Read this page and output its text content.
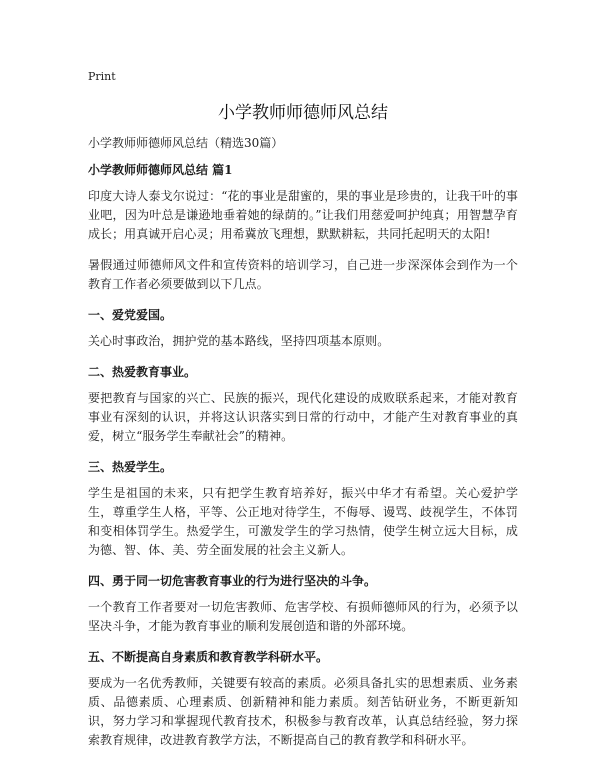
Print
小学教师师德师风总结
小学教师师德师风总结（精选30篇）
小学教师师德师风总结 篇1

印度大诗人泰戈尔说过：“花的事业是甜蜜的，果的事业是珍贵的，让我干叶的事业吧，因为叶总是谦逊地垂着她的绿荫的。”让我们用慈爱呵护纯真；用智慧孕育成长；用真诚开启心灵；用希冀放飞理想，默默耕耘，共同托起明天的太阳!

暑假通过师德师风文件和宣传资料的培训学习，自己进一步深深体会到作为一个教育工作者必须要做到以下几点。

一、爱党爱国。

关心时事政治，拥护党的基本路线，坚持四项基本原则。

二、热爱教育事业。

要把教育与国家的兴亡、民族的振兴，现代化建设的成败联系起来，才能对教育事业有深刻的认识，并将这认识落实到日常的行动中，才能产生对教育事业的真爱，树立“服务学生奉献社会”的精神。

三、热爱学生。

学生是祖国的未来，只有把学生教育培养好，振兴中华才有希望。关心爱护学生，尊重学生人格，平等、公正地对待学生，不侮辱、谩骂、歧视学生，不体罚和变相体罚学生。热爱学生，可激发学生的学习热情，使学生树立远大目标，成为德、智、体、美、劳全面发展的社会主义新人。

四、勇于同一切危害教育事业的行为进行坚决的斗争。

一个教育工作者要对一切危害教师、危害学校、有损师德师风的行为，必须予以坚决斗争，才能为教育事业的顺利发展创造和谐的外部环境。

五、不断提高自身素质和教育教学科研水平。

要成为一名优秀教师，关键要有较高的素质。必须具备扎实的思想素质、业务素质、品德素质、心理素质、创新精神和能力素质。刻苦钻研业务，不断更新知识，努力学习和掌握现代教育技术，积极参与教育改革，认真总结经验，努力探索教育规律，改进教育教学方法，不断提高自己的教育教学和科研水平。
